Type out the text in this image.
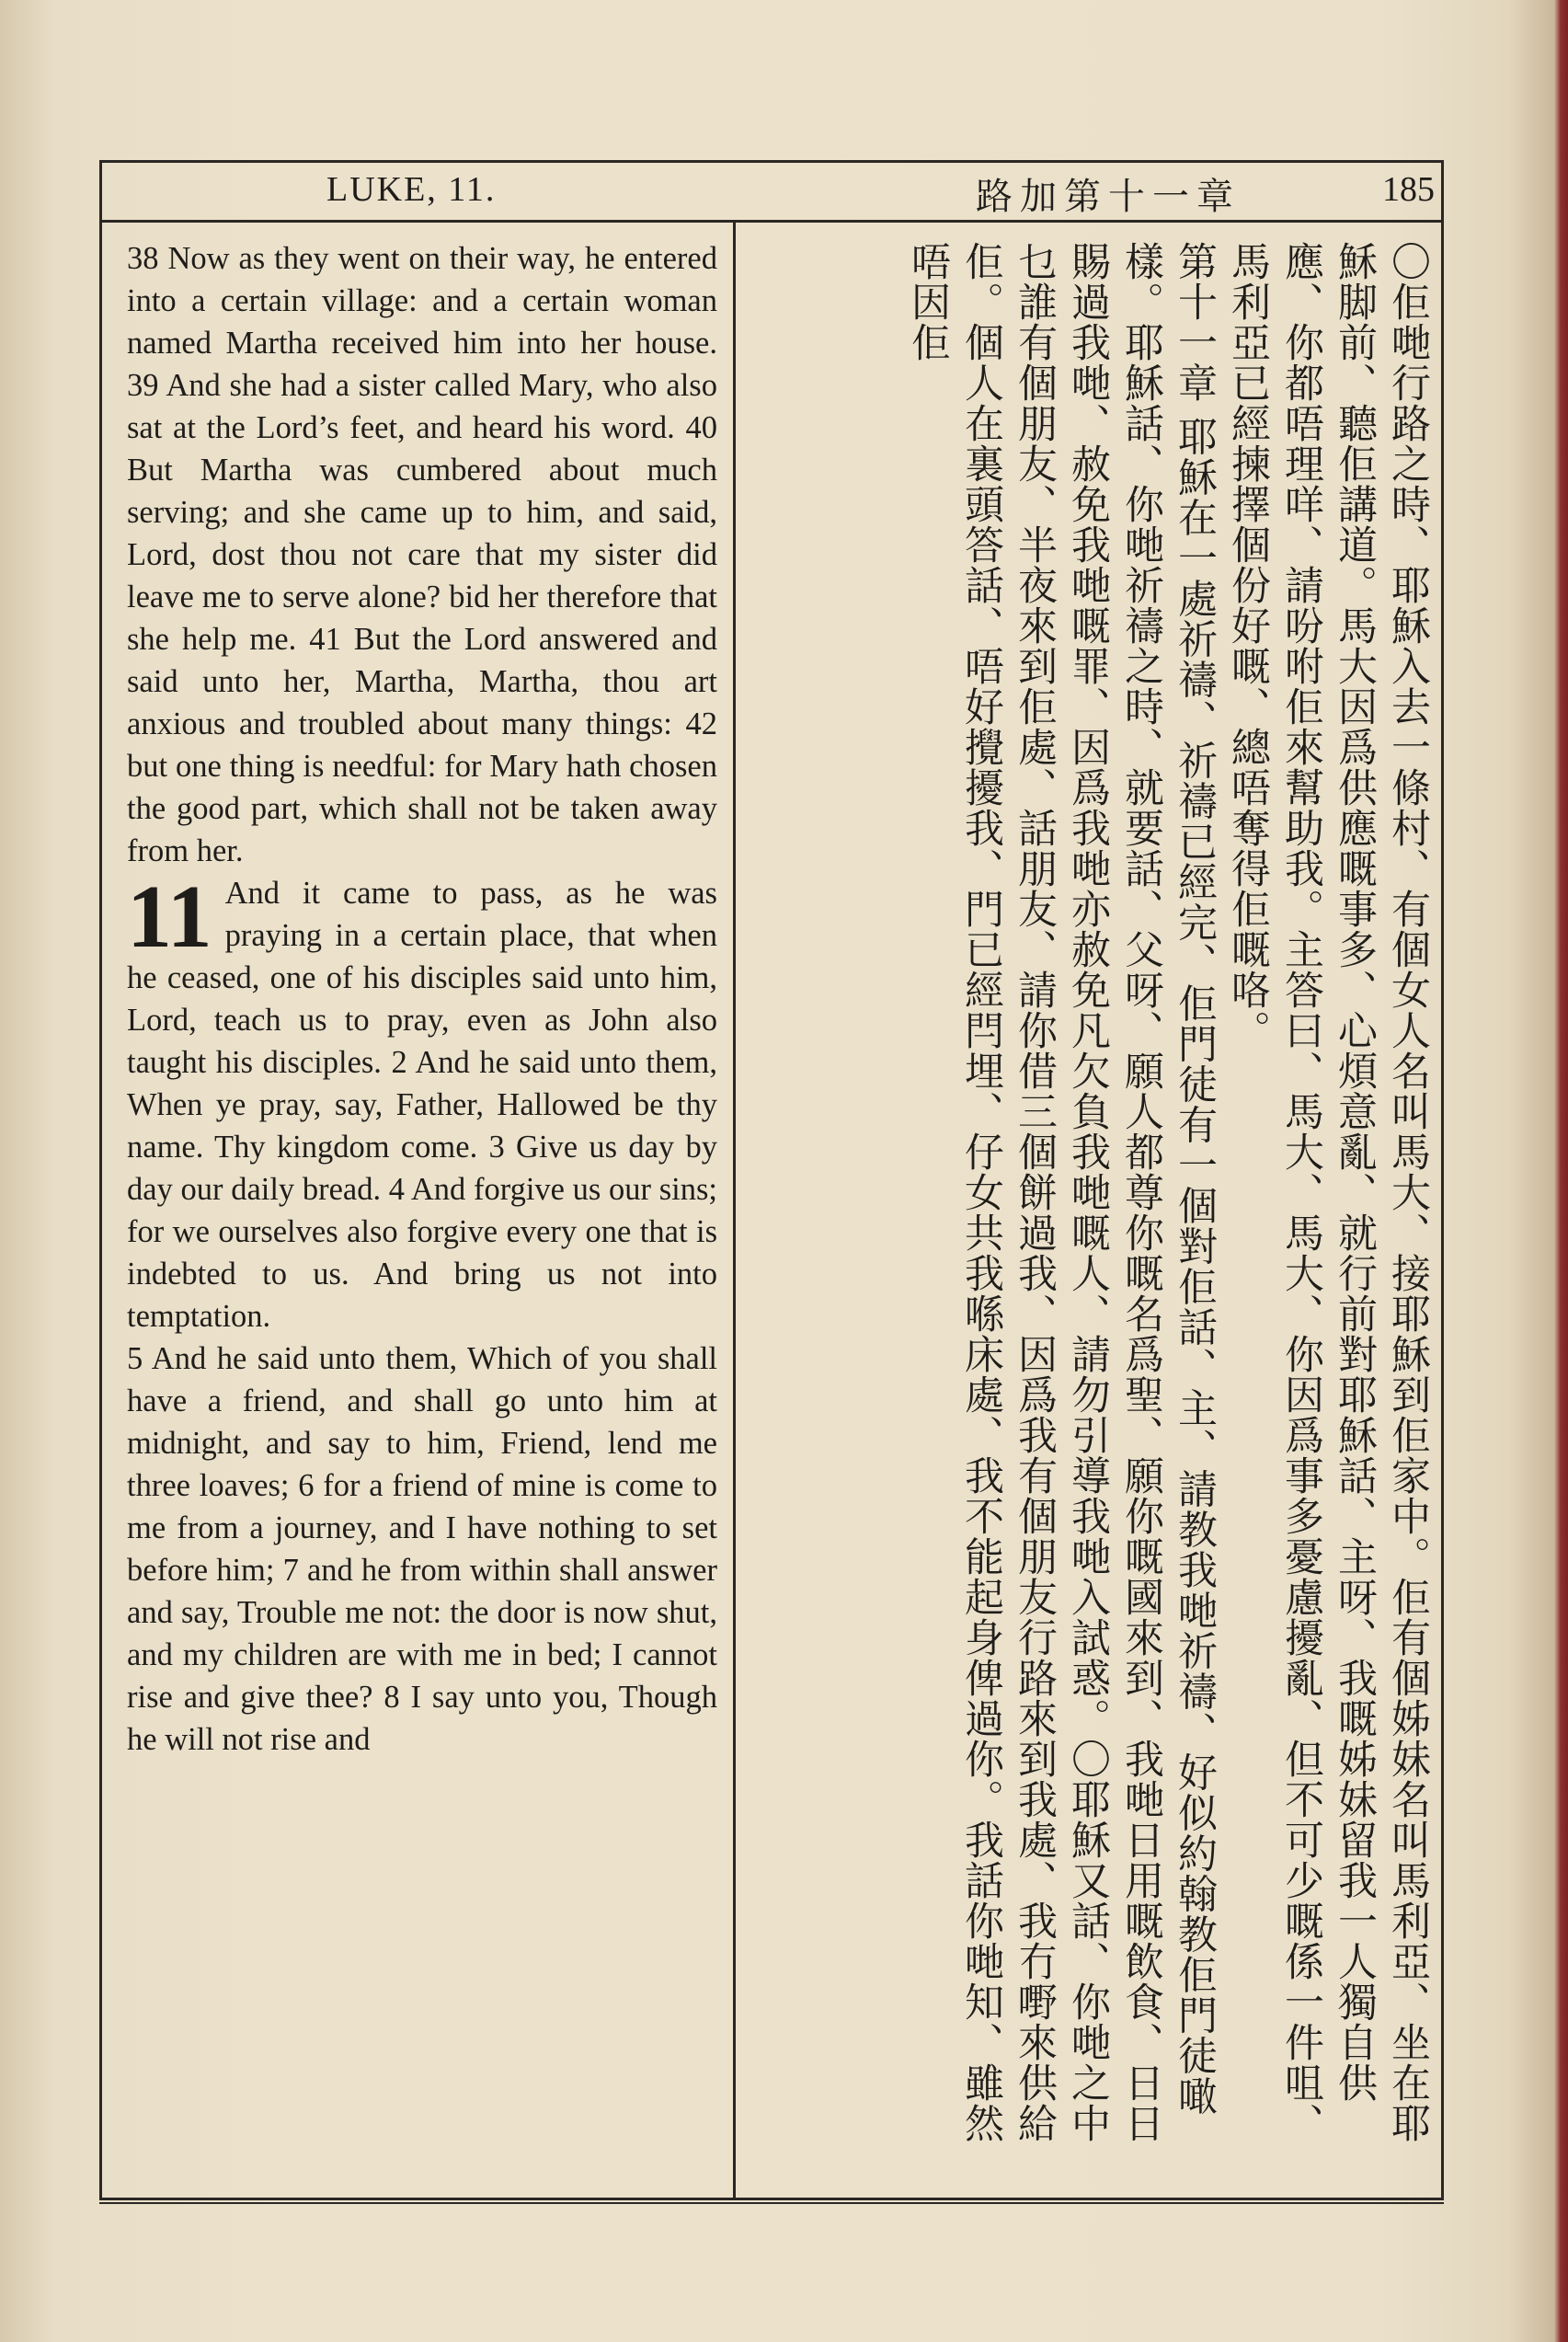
LUKE, 11.	路加第十一章	185

38 Now as they went on their way, he entered into a certain village: and a certain woman named Martha received him into her house. 39 And she had a sister called Mary, who also sat at the Lord’s feet, and heard his word. 40 But Martha was cumbered about much serving; and she came up to him, and said, Lord, dost thou not care that my sister did leave me to serve alone? bid her therefore that she help me. 41 But the Lord answered and said unto her, Martha, Martha, thou art anxious and troubled about many things: 42 but one thing is needful: for Mary hath chosen the good part, which shall not be taken away from her.

11 And it came to pass, as he was praying in a certain place, that when he ceased, one of his disciples said unto him, Lord, teach us to pray, even as John also taught his disciples. 2 And he said unto them, When ye pray, say, Father, Hallowed be thy name. Thy kingdom come. 3 Give us day by day our daily bread. 4 And forgive us our sins; for we ourselves also forgive every one that is indebted to us. And bring us not into temptation.

5 And he said unto them, Which of you shall have a friend, and shall go unto him at midnight, and say to him, Friend, lend me three loaves; 6 for a friend of mine is come to me from a journey, and I have nothing to set before him; 7 and he from within shall answer and say, Trouble me not: the door is now shut, and my children are with me in bed; I cannot rise and give thee? 8 I say unto you, Though he will not rise and	〇佢哋行路之時、耶穌入去一條村、有個女人名叫馬大、接耶穌到佢家中。佢有個姊妹名叫馬利亞、坐在耶穌脚前、聽佢講道。馬大因爲供應嘅事多、心煩意亂、就行前對耶穌話、主呀、我嘅姊妹留我一人獨自供應、你都唔理咩、請吩咐佢來幫助我。主答曰、馬大、馬大、你因爲事多憂慮擾亂、但不可少嘅係一件咀、馬利亞已經揀擇個份好嘅、總唔奪得佢嘅咯。

第十一章 耶穌在一處祈禱、祈禱已經完、佢門徒有一個對佢話、主、請教我哋祈禱、好似約翰教佢門徒噉樣。耶穌話、你哋祈禱之時、就要話、父呀、願人都尊你嘅名爲聖、願你嘅國來到、我哋日用嘅飲食、日日賜過我哋、赦免我哋嘅罪、因爲我哋亦赦免凡欠負我哋嘅人、請勿引導我哋入試惑。〇耶穌又話、你哋之中乜誰有個朋友、半夜來到佢處、話朋友、請你借三個餅過我、因爲我有個朋友行路來到我處、我冇嘢來供給佢。個人在裏頭答話、唔好攪擾我、門已經閂埋、仔女共我喺床處、我不能起身俾過你。我話你哋知、雖然唔因佢
